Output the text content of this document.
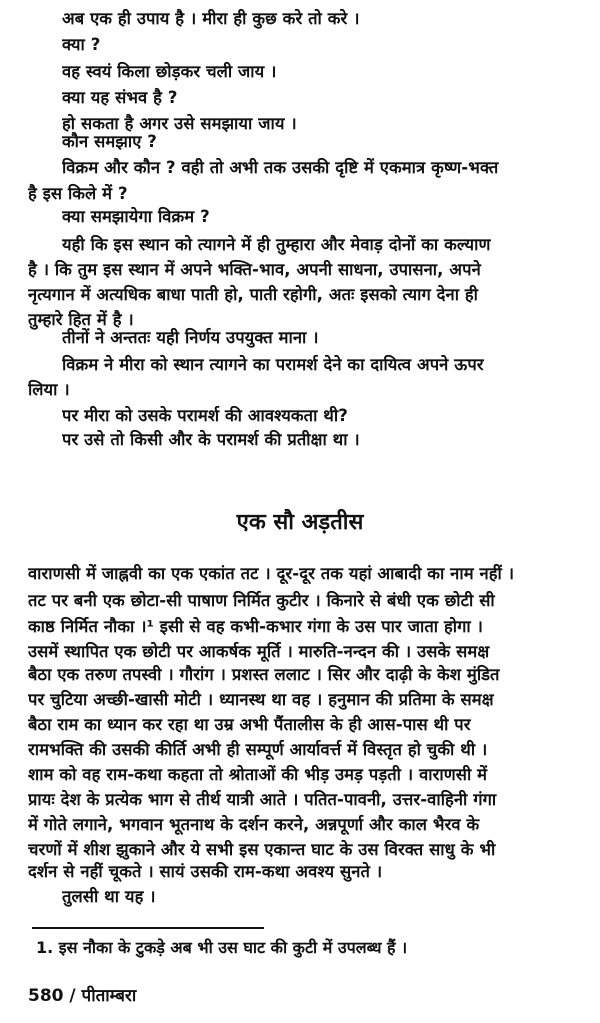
अब एक ही उपाय है । मीरा ही कुछ करे तो करे ।
क्या ?
वह स्वयं किला छोड़कर चली जाय ।
क्या यह संभव है ?
हो सकता है अगर उसे समझाया जाय ।
कौन समझाए ?
विक्रम और कौन ? वही तो अभी तक उसकी दृष्टि में एकमात्र कृष्ण-भक्त
है इस किले में ?
क्या समझायेगा विक्रम ?
यही कि इस स्थान को त्यागने में ही तुम्हारा और मेवाड़ दोनों का कल्याण
है । कि तुम इस स्थान में अपने भक्ति-भाव, अपनी साधना, उपासना, अपने
नृत्यगान में अत्यधिक बाधा पाती हो, पाती रहोगी, अतः इसको त्याग देना ही
तुम्हारे हित में है ।
तीनों ने अन्ततः यही निर्णय उपयुक्त माना ।
विक्रम ने मीरा को स्थान त्यागने का परामर्श देने का दायित्व अपने ऊपर
लिया ।
पर मीरा को उसके परामर्श की आवश्यकता थी?
पर उसे तो किसी और के परामर्श की प्रतीक्षा था ।
एक सौ अड़तीस
वाराणसी में जाह्नवी का एक एकांत तट । दूर-दूर तक यहां आबादी का नाम नहीं ।
तट पर बनी एक छोटा-सी पाषाण निर्मित कुटीर । किनारे से बंधी एक छोटी सी
काष्ठ निर्मित नौका ।¹ इसी से वह कभी-कभार गंगा के उस पार जाता होगा ।
उसमें स्थापित एक छोटी पर आकर्षक मूर्ति । मारुति-नन्दन की । उसके समक्ष
बैठा एक तरुण तपस्वी । गौरांग । प्रशस्त ललाट । सिर और दाढ़ी के केश मुंडित
पर चुटिया अच्छी-खासी मोटी । ध्यानस्थ था वह । हनुमान की प्रतिमा के समक्ष
बैठा राम का ध्यान कर रहा था उम्र अभी पैंतालीस के ही आस-पास थी पर
रामभक्ति की उसकी कीर्ति अभी ही सम्पूर्ण आर्यावर्त्त में विस्तृत हो चुकी थी ।
शाम को वह राम-कथा कहता तो श्रोताओं की भीड़ उमड़ पड़ती । वाराणसी में
प्रायः देश के प्रत्येक भाग से तीर्थ यात्री आते । पतित-पावनी, उत्तर-वाहिनी गंगा
में गोते लगाने, भगवान भूतनाथ के दर्शन करने, अन्नपूर्णा और काल भैरव के
चरणों में शीश झुकाने और ये सभी इस एकान्त घाट के उस विरक्त साधु के भी
दर्शन से नहीं चूकते । सायं उसकी राम-कथा अवश्य सुनते ।
तुलसी था यह ।
1. इस नौका के टुकड़े अब भी उस घाट की कुटी में उपलब्ध हैं ।
580 / पीताम्बरा
